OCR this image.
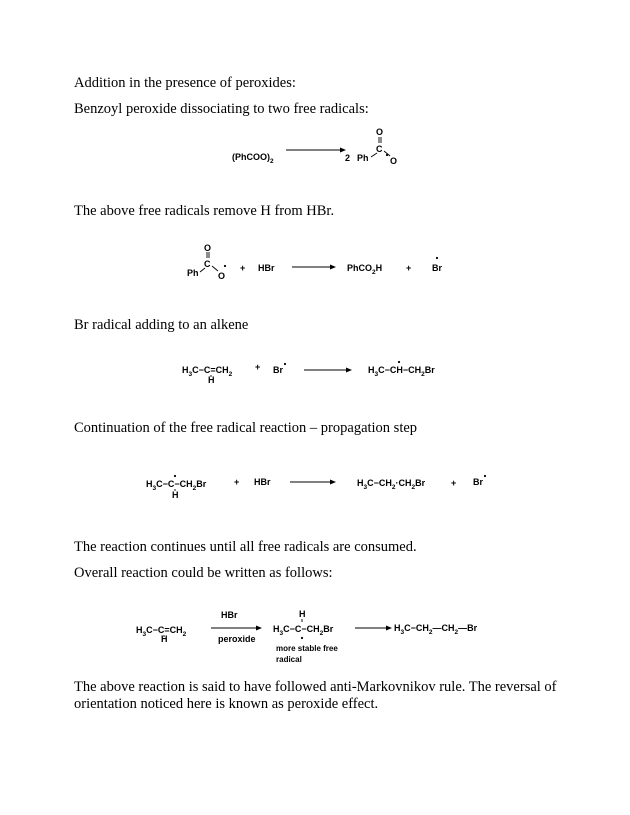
Addition in the presence of peroxides:
Benzoyl peroxide dissociating to two free radicals:
$(PhCOO)_2$	2 Ph
C
O
O
The above free radicals remove H from HBr.
Ph
C
O
O
+ HBr	PhCO$_2$H	+ Br
Br radical adding to an alkene
$H_3C-C=CH_2$
H
+ Br	$H_3C-CH-CH_2Br$
Continuation of the free radical reaction – propagation step
$H_3C-C-CH_2Br$
H
+ HBr	$H_3C-CH_2\cdot CH_2Br$	+ Br
The reaction continues until all free radicals are consumed.
Overall reaction could be written as follows:
$H_3C-C=CH_2$
H
HBr
peroxide
H
$H_3C-C-CH_2Br$
more stable free
radical
$H_3C-CH_2—CH_2—Br$
The above reaction is said to have followed anti-Markovnikov rule. The reversal of orientation noticed here is known as peroxide effect.
